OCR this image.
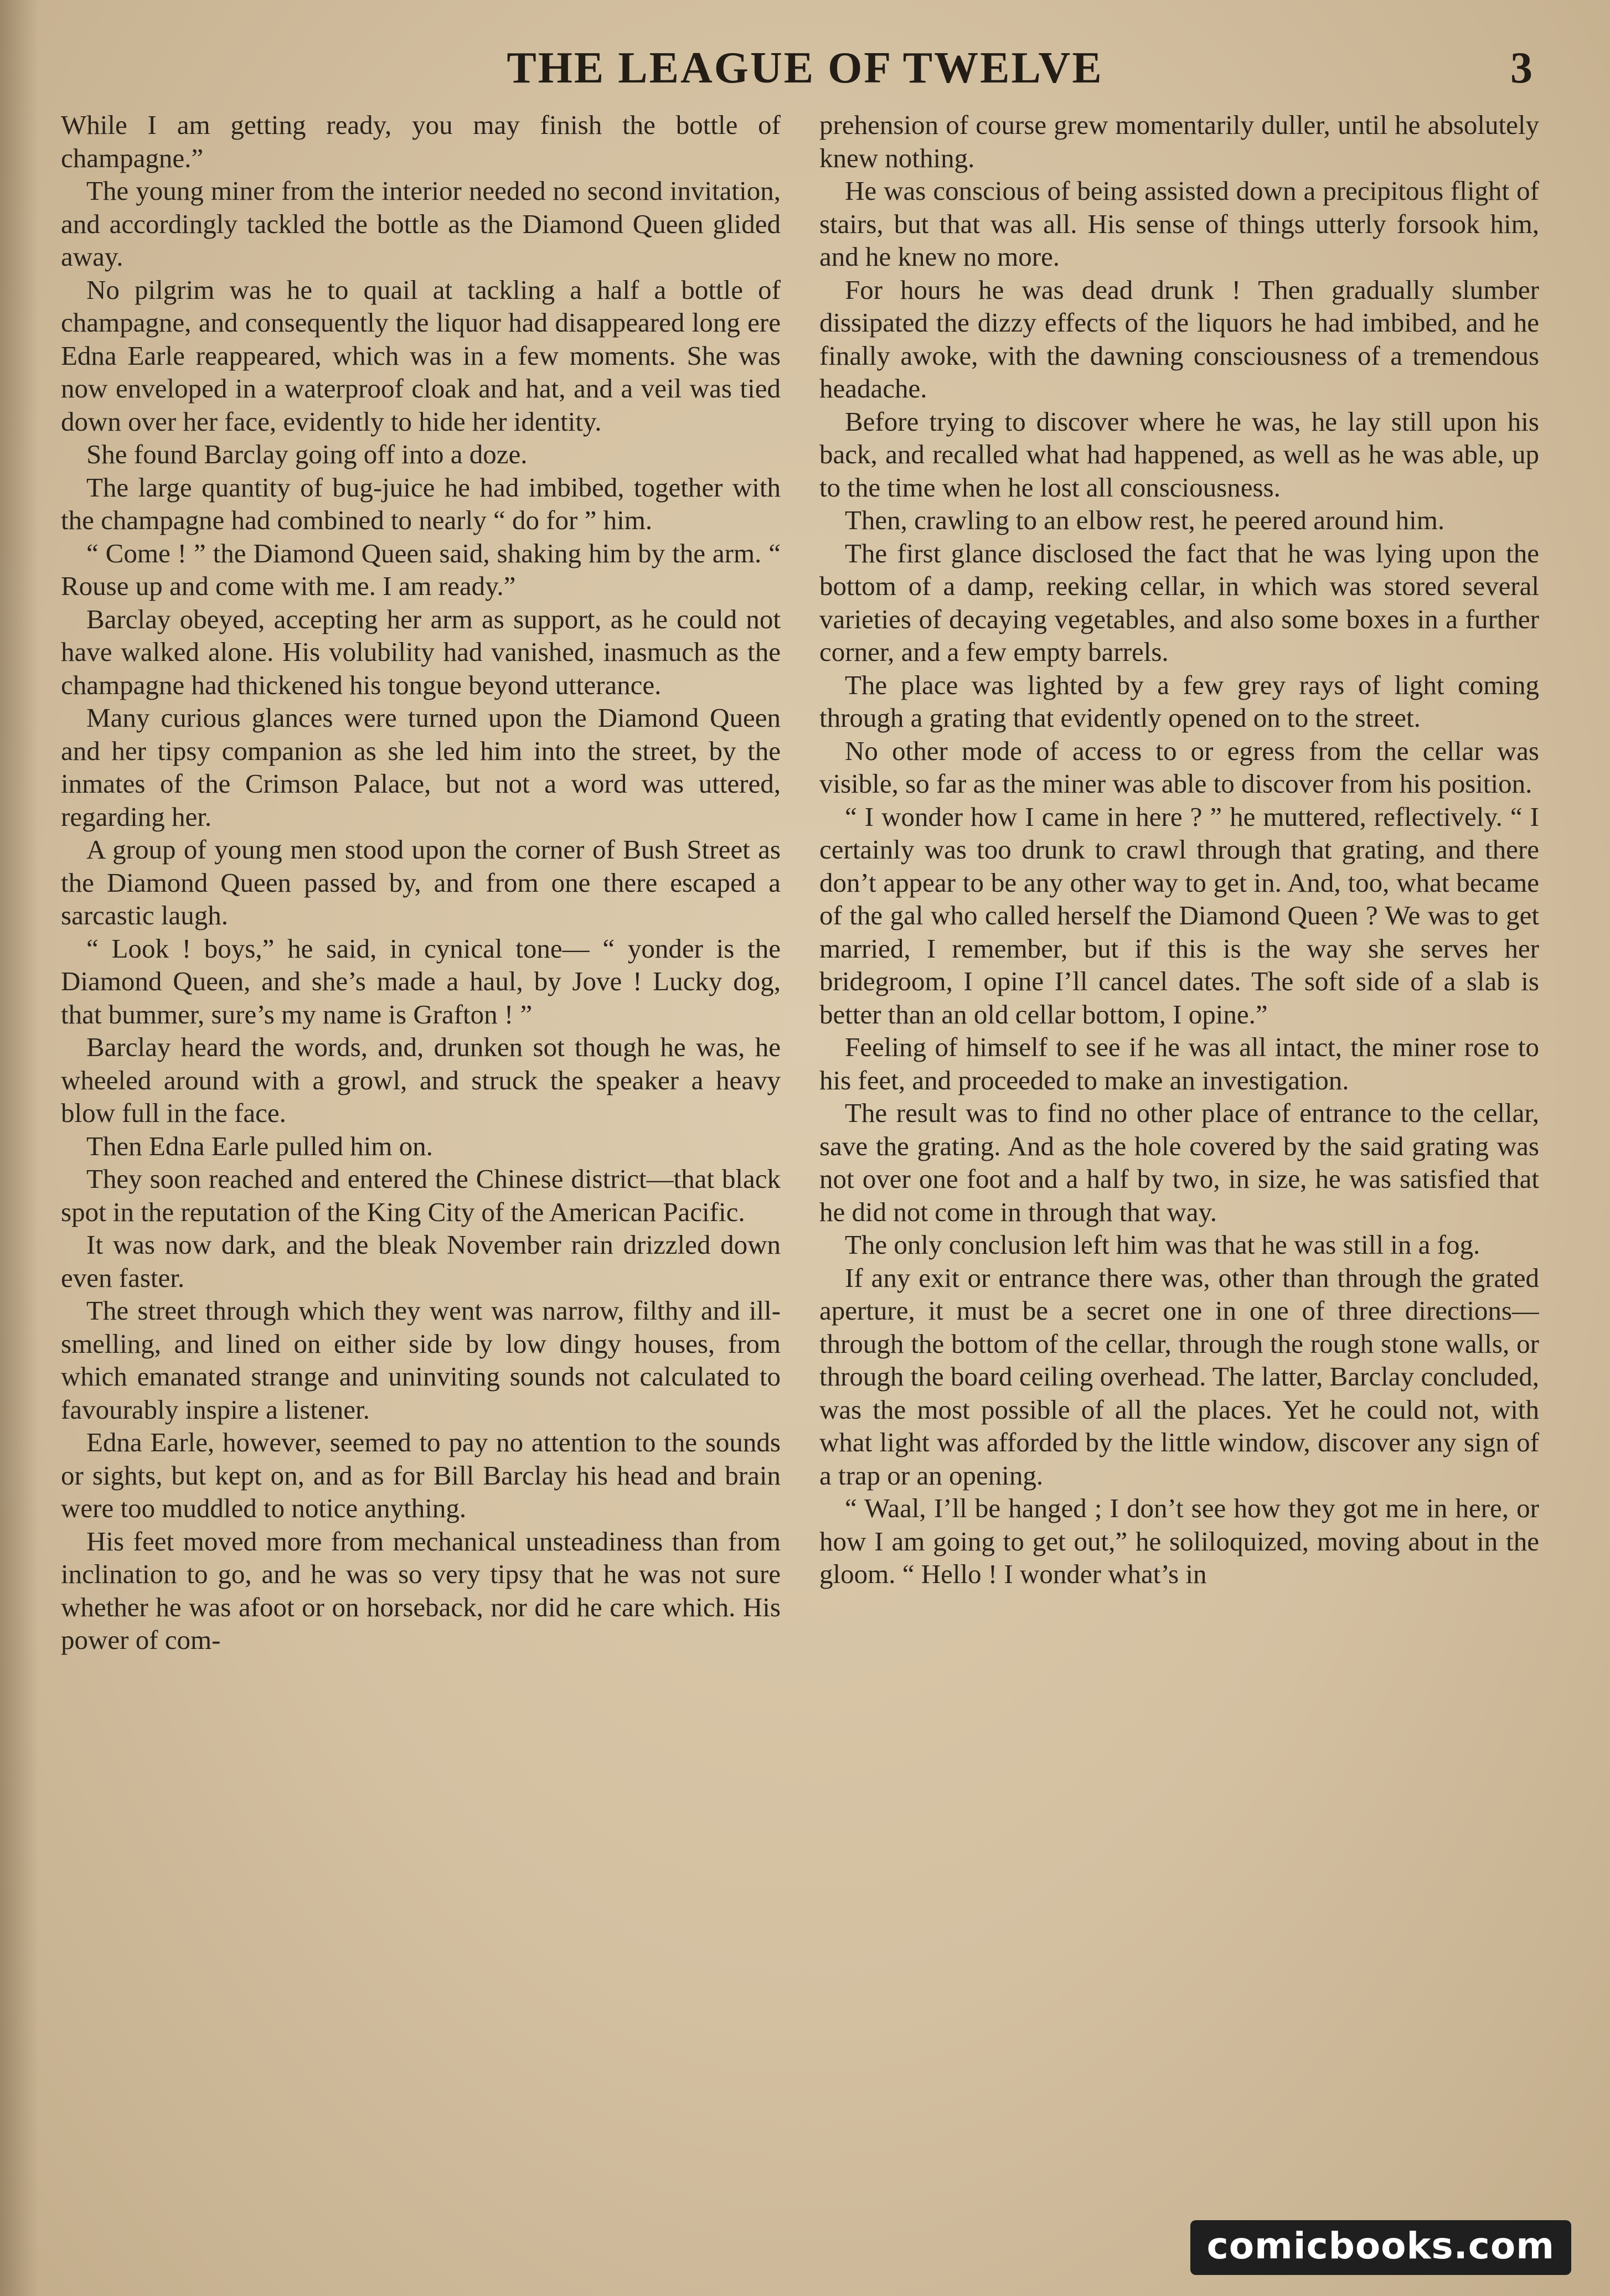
THE LEAGUE OF TWELVE	3

While I am getting ready, you may finish the bottle of champagne.”

The young miner from the interior needed no second invitation, and accordingly tackled the bottle as the Diamond Queen glided away.

No pilgrim was he to quail at tackling a half a bottle of champagne, and consequently the liquor had disappeared long ere Edna Earle reappeared, which was in a few moments. She was now enveloped in a waterproof cloak and hat, and a veil was tied down over her face, evidently to hide her identity.

She found Barclay going off into a doze.

The large quantity of bug-juice he had imbibed, together with the champagne had combined to nearly “ do for ” him.

“ Come ! ” the Diamond Queen said, shaking him by the arm. “ Rouse up and come with me. I am ready.”

Barclay obeyed, accepting her arm as support, as he could not have walked alone. His volubility had vanished, inasmuch as the champagne had thickened his tongue beyond utterance.

Many curious glances were turned upon the Diamond Queen and her tipsy companion as she led him into the street, by the inmates of the Crimson Palace, but not a word was uttered, regarding her.

A group of young men stood upon the corner of Bush Street as the Diamond Queen passed by, and from one there escaped a sarcastic laugh.

“ Look ! boys,” he said, in cynical tone— “ yonder is the Diamond Queen, and she’s made a haul, by Jove ! Lucky dog, that bummer, sure’s my name is Grafton ! ”

Barclay heard the words, and, drunken sot though he was, he wheeled around with a growl, and struck the speaker a heavy blow full in the face.

Then Edna Earle pulled him on.

They soon reached and entered the Chinese district—that black spot in the reputation of the King City of the American Pacific.

It was now dark, and the bleak November rain drizzled down even faster.

The street through which they went was narrow, filthy and ill-smelling, and lined on either side by low dingy houses, from which emanated strange and uninviting sounds not calculated to favourably inspire a listener.

Edna Earle, however, seemed to pay no attention to the sounds or sights, but kept on, and as for Bill Barclay his head and brain were too muddled to notice anything.

His feet moved more from mechanical unsteadiness than from inclination to go, and he was so very tipsy that he was not sure whether he was afoot or on horseback, nor did he care which. His power of com-

prehension of course grew momentarily duller, until he absolutely knew nothing.

He was conscious of being assisted down a precipitous flight of stairs, but that was all. His sense of things utterly forsook him, and he knew no more.

For hours he was dead drunk ! Then gradually slumber dissipated the dizzy effects of the liquors he had imbibed, and he finally awoke, with the dawning consciousness of a tremendous headache.

Before trying to discover where he was, he lay still upon his back, and recalled what had happened, as well as he was able, up to the time when he lost all consciousness.

Then, crawling to an elbow rest, he peered around him.

The first glance disclosed the fact that he was lying upon the bottom of a damp, reeking cellar, in which was stored several varieties of decaying vegetables, and also some boxes in a further corner, and a few empty barrels.

The place was lighted by a few grey rays of light coming through a grating that evidently opened on to the street.

No other mode of access to or egress from the cellar was visible, so far as the miner was able to discover from his position.

“ I wonder how I came in here ? ” he muttered, reflectively. “ I certainly was too drunk to crawl through that grating, and there don’t appear to be any other way to get in. And, too, what became of the gal who called herself the Diamond Queen ? We was to get married, I remember, but if this is the way she serves her bridegroom, I opine I’ll cancel dates. The soft side of a slab is better than an old cellar bottom, I opine.”

Feeling of himself to see if he was all intact, the miner rose to his feet, and proceeded to make an investigation.

The result was to find no other place of entrance to the cellar, save the grating. And as the hole covered by the said grating was not over one foot and a half by two, in size, he was satisfied that he did not come in through that way.

The only conclusion left him was that he was still in a fog.

If any exit or entrance there was, other than through the grated aperture, it must be a secret one in one of three directions— through the bottom of the cellar, through the rough stone walls, or through the board ceiling overhead. The latter, Barclay concluded, was the most possible of all the places. Yet he could not, with what light was afforded by the little window, discover any sign of a trap or an opening.

“ Waal, I’ll be hanged ; I don’t see how they got me in here, or how I am going to get out,” he soliloquized, moving about in the gloom. “ Hello ! I wonder what’s in

comicbooks.com
